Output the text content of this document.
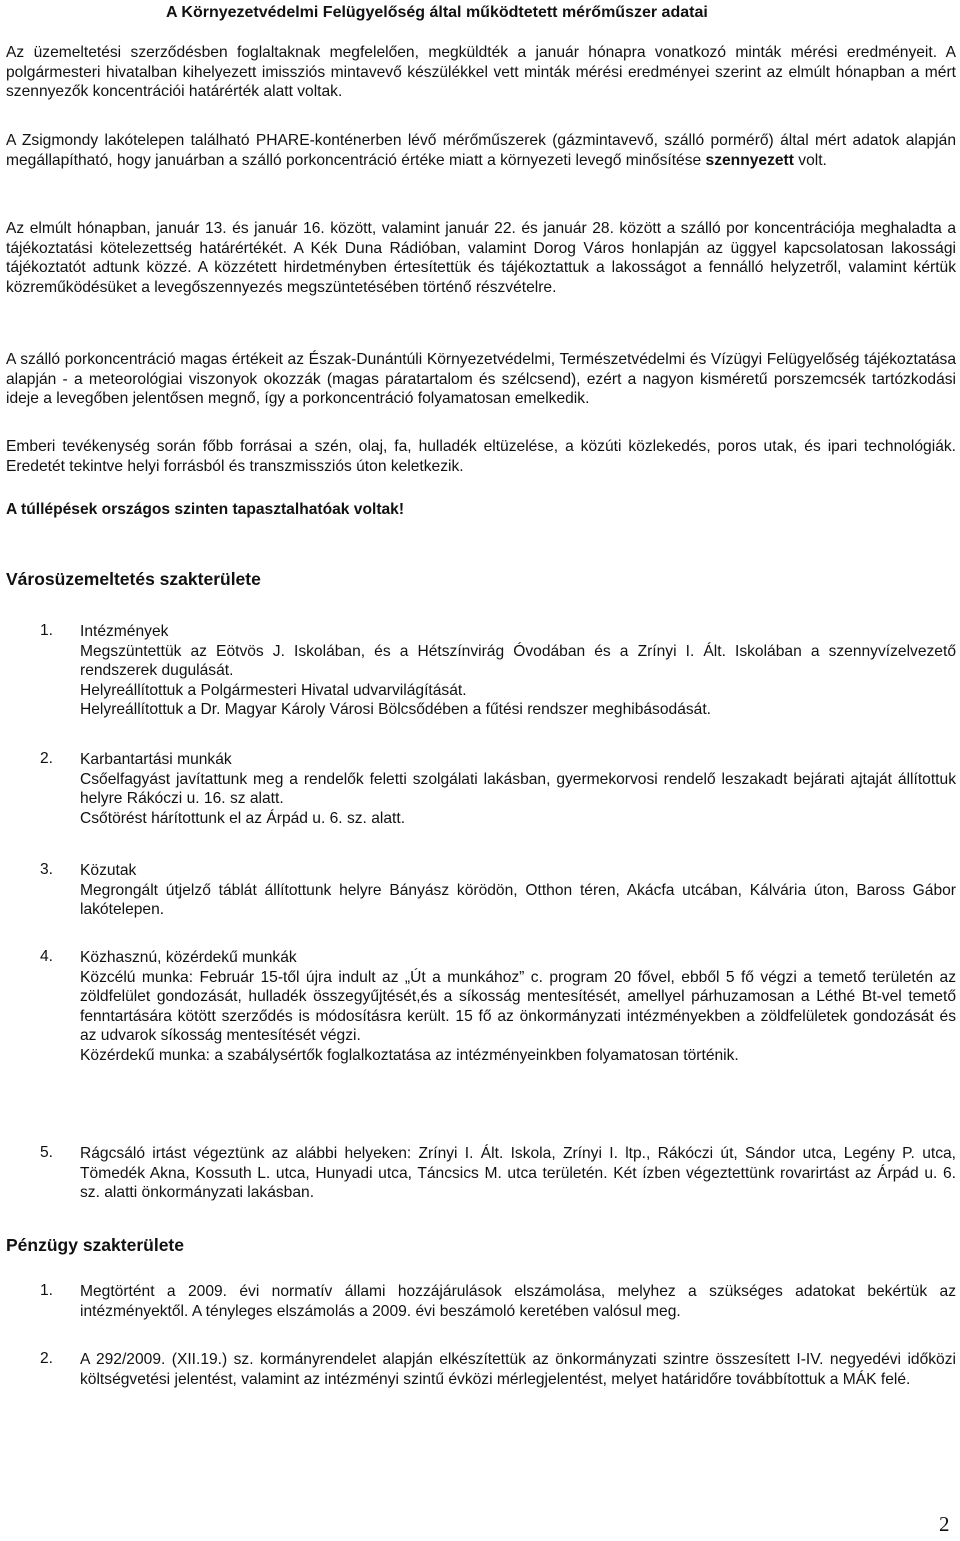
A Környezetvédelmi Felügyelőség által működtetett mérőműszer adatai

Az üzemeltetési szerződésben foglaltaknak megfelelően, megküldték a január hónapra vonatkozó minták mérési eredményeit. A polgármesteri hivatalban kihelyezett imissziós mintavevő készülékkel vett minták mérési eredményei szerint az elmúlt hónapban a mért szennyezők koncentrációi határérték alatt voltak.

A Zsigmondy lakótelepen található PHARE-konténerben lévő mérőműszerek (gázmintavevő, szálló pormérő) által mért adatok alapján megállapítható, hogy januárban a szálló porkoncentráció értéke miatt a környezeti levegő minősítése szennyezett volt.

Az elmúlt hónapban, január 13. és január 16. között, valamint január 22. és január 28. között a szálló por koncentrációja meghaladta a tájékoztatási kötelezettség határértékét. A Kék Duna Rádióban, valamint Dorog Város honlapján az üggyel kapcsolatosan lakossági tájékoztatót adtunk közzé. A közzétett hirdetményben értesítettük és tájékoztattuk a lakosságot a fennálló helyzetről, valamint kértük közreműködésüket a levegőszennyezés megszüntetésében történő részvételre.

A szálló porkoncentráció magas értékeit az Észak-Dunántúli Környezetvédelmi, Természetvédelmi és Vízügyi Felügyelőség tájékoztatása alapján - a meteorológiai viszonyok okozzák (magas páratartalom és szélcsend), ezért a nagyon kisméretű porszemcsék tartózkodási ideje a levegőben jelentősen megnő, így a porkoncentráció folyamatosan emelkedik.

Emberi tevékenység során főbb forrásai a szén, olaj, fa, hulladék eltüzelése, a közúti közlekedés, poros utak, és ipari technológiák. Eredetét tekintve helyi forrásból és transzmissziós úton keletkezik.

A túllépések országos szinten tapasztalhatóak voltak!

Városüzemeltetés szakterülete
1. Intézmények

Megszüntettük az Eötvös J. Iskolában, és a Hétszínvirág Óvodában és a Zrínyi I. Ált. Iskolában a szennyvízelvezető rendszerek dugulását.

Helyreállítottuk a Polgármesteri Hivatal udvarvilágítását.

Helyreállítottuk a Dr. Magyar Károly Városi Bölcsődében a fűtési rendszer meghibásodását.

2. Karbantartási munkák

Csőelfagyást javítattunk meg a rendelők feletti szolgálati lakásban, gyermekorvosi rendelő leszakadt bejárati ajtaját állítottuk helyre Rákóczi u. 16. sz alatt.

Csőtörést hárítottunk el az Árpád u. 6. sz. alatt.

3. Közutak

Megrongált útjelző táblát állítottunk helyre Bányász körödön, Otthon téren, Akácfa utcában, Kálvária úton, Baross Gábor lakótelepen.

4. Közhasznú, közérdekű munkák

Közcélú munka: Február 15-től újra indult az „Út a munkához” c. program 20 fővel, ebből 5 fő végzi a temető területén az zöldfelület gondozását, hulladék összegyűjtését,és a síkosság mentesítését, amellyel párhuzamosan a Léthé Bt-vel temető fenntartására kötött szerződés is módosításra került. 15 fő az önkormányzati intézményekben a zöldfelületek gondozását és az udvarok síkosság mentesítését végzi.

Közérdekű munka: a szabálysértők foglalkoztatása az intézményeinkben folyamatosan történik.

5. Rágcsáló irtást végeztünk az alábbi helyeken: Zrínyi I. Ált. Iskola, Zrínyi I. ltp., Rákóczi út, Sándor utca, Legény P. utca, Tömedék Akna, Kossuth L. utca, Hunyadi utca, Táncsics M. utca területén. Két ízben végeztettünk rovarirtást az Árpád u. 6. sz. alatti önkormányzati lakásban.

Pénzügy szakterülete
1. Megtörtént a 2009. évi normatív állami hozzájárulások elszámolása, melyhez a szükséges adatokat bekértük az intézményektől. A tényleges elszámolás a 2009. évi beszámoló keretében valósul meg.

2. A 292/2009. (XII.19.) sz. kormányrendelet alapján elkészítettük az önkormányzati szintre összesített I-IV. negyedévi időközi költségvetési jelentést, valamint az intézményi szintű évközi mérlegjelentést, melyet határidőre továbbítottuk a MÁK felé.

2
